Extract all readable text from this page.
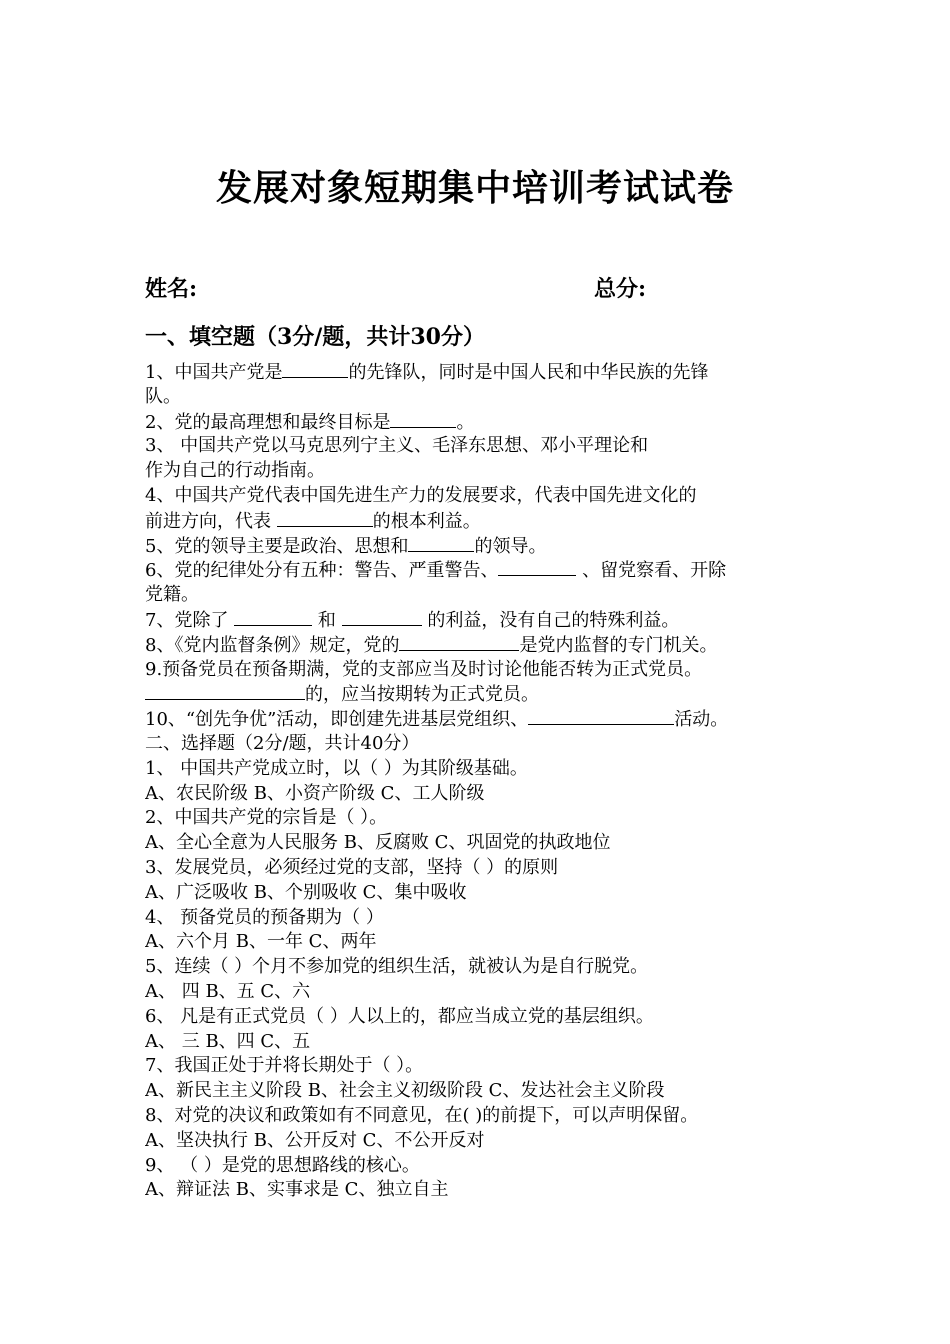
发展对象短期集中培训考试试卷
姓名:	总分:
一、填空题（3分/题，共计30分）
1、中国共产党是	的先锋队，同时是中国人民和中华民族的先锋
队。
2、党的最高理想和最终目标是	。
3、 中国共产党以马克思列宁主义、毛泽东思想、邓小平理论和
作为自己的行动指南。
4、中国共产党代表中国先进生产力的发展要求，代表中国先进文化的
前进方向，代表	的根本利益。
5、党的领导主要是政治、思想和	的领导。
6、党的纪律处分有五种：警告、严重警告、	、留党察看、开除
党籍。
7、党除了	和	的利益，没有自己的特殊利益。
8、《党内监督条例》规定，党的	是党内监督的专门机关。
9.预备党员在预备期满，党的支部应当及时讨论他能否转为正式党员。
的，应当按期转为正式党员。
10、“创先争优”活动，即创建先进基层党组织、	活动。
二、选择题（2分/题，共计40分）
1、 中国共产党成立时，以（ ）为其阶级基础。
A、农民阶级 B、小资产阶级 C、工人阶级
2、中国共产党的宗旨是（ ）。
A、全心全意为人民服务 B、反腐败 C、巩固党的执政地位
3、发展党员，必须经过党的支部，坚持（ ）的原则
A、广泛吸收 B、个别吸收 C、集中吸收
4、 预备党员的预备期为（ ）
A、六个月 B、一年 C、两年
5、连续（ ）个月不参加党的组织生活，就被认为是自行脱党。
A、 四 B、五 C、六
6、 凡是有正式党员（ ）人以上的，都应当成立党的基层组织。
A、 三 B、四 C、五
7、我国正处于并将长期处于（ ）。
A、新民主主义阶段 B、社会主义初级阶段 C、发达社会主义阶段
8、对党的决议和政策如有不同意见，在( )的前提下，可以声明保留。
A、坚决执行 B、公开反对 C、不公开反对
9、 （ ）是党的思想路线的核心。
A、辩证法 B、实事求是 C、独立自主
